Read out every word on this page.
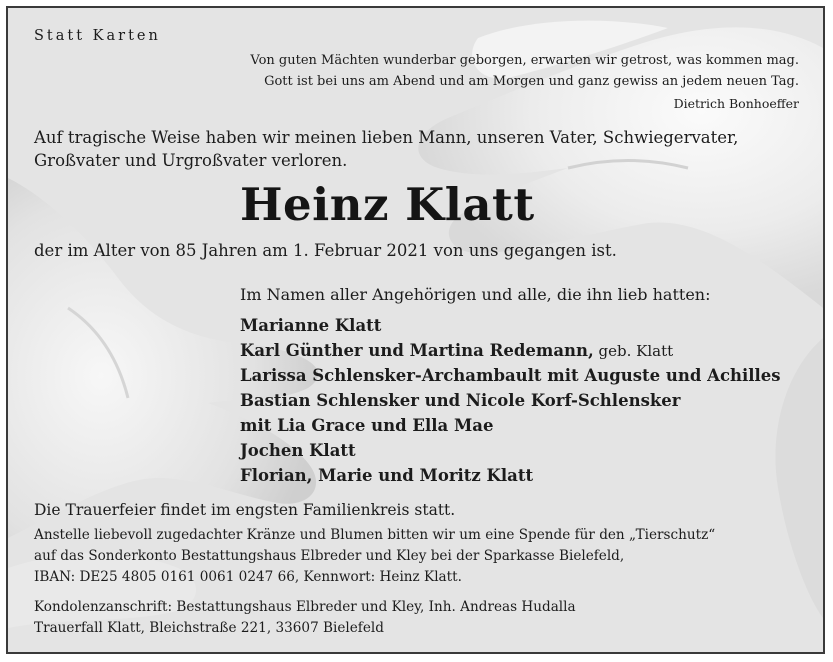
Statt Karten
Von guten Mächten wunderbar geborgen, erwarten wir getrost, was kommen mag.
Gott ist bei uns am Abend und am Morgen und ganz gewiss an jedem neuen Tag.
Dietrich Bonhoeffer
Auf tragische Weise haben wir meinen lieben Mann, unseren Vater, Schwiegervater,
Großvater und Urgroßvater verloren.
Heinz Klatt
der im Alter von 85 Jahren am 1. Februar 2021 von uns gegangen ist.
Im Namen aller Angehörigen und alle, die ihn lieb hatten:
Marianne Klatt
Karl Günther und Martina Redemann, geb. Klatt
Larissa Schlensker-Archambault mit Auguste und Achilles
Bastian Schlensker und Nicole Korf-Schlensker
mit Lia Grace und Ella Mae
Jochen Klatt
Florian, Marie und Moritz Klatt
Die Trauerfeier findet im engsten Familienkreis statt.
Anstelle liebevoll zugedachter Kränze und Blumen bitten wir um eine Spende für den „Tierschutz“
auf das Sonderkonto Bestattungshaus Elbreder und Kley bei der Sparkasse Bielefeld,
IBAN: DE25 4805 0161 0061 0247 66, Kennwort: Heinz Klatt.
Kondolenzanschrift: Bestattungshaus Elbreder und Kley, Inh. Andreas Hudalla
Trauerfall Klatt, Bleichstraße 221, 33607 Bielefeld
